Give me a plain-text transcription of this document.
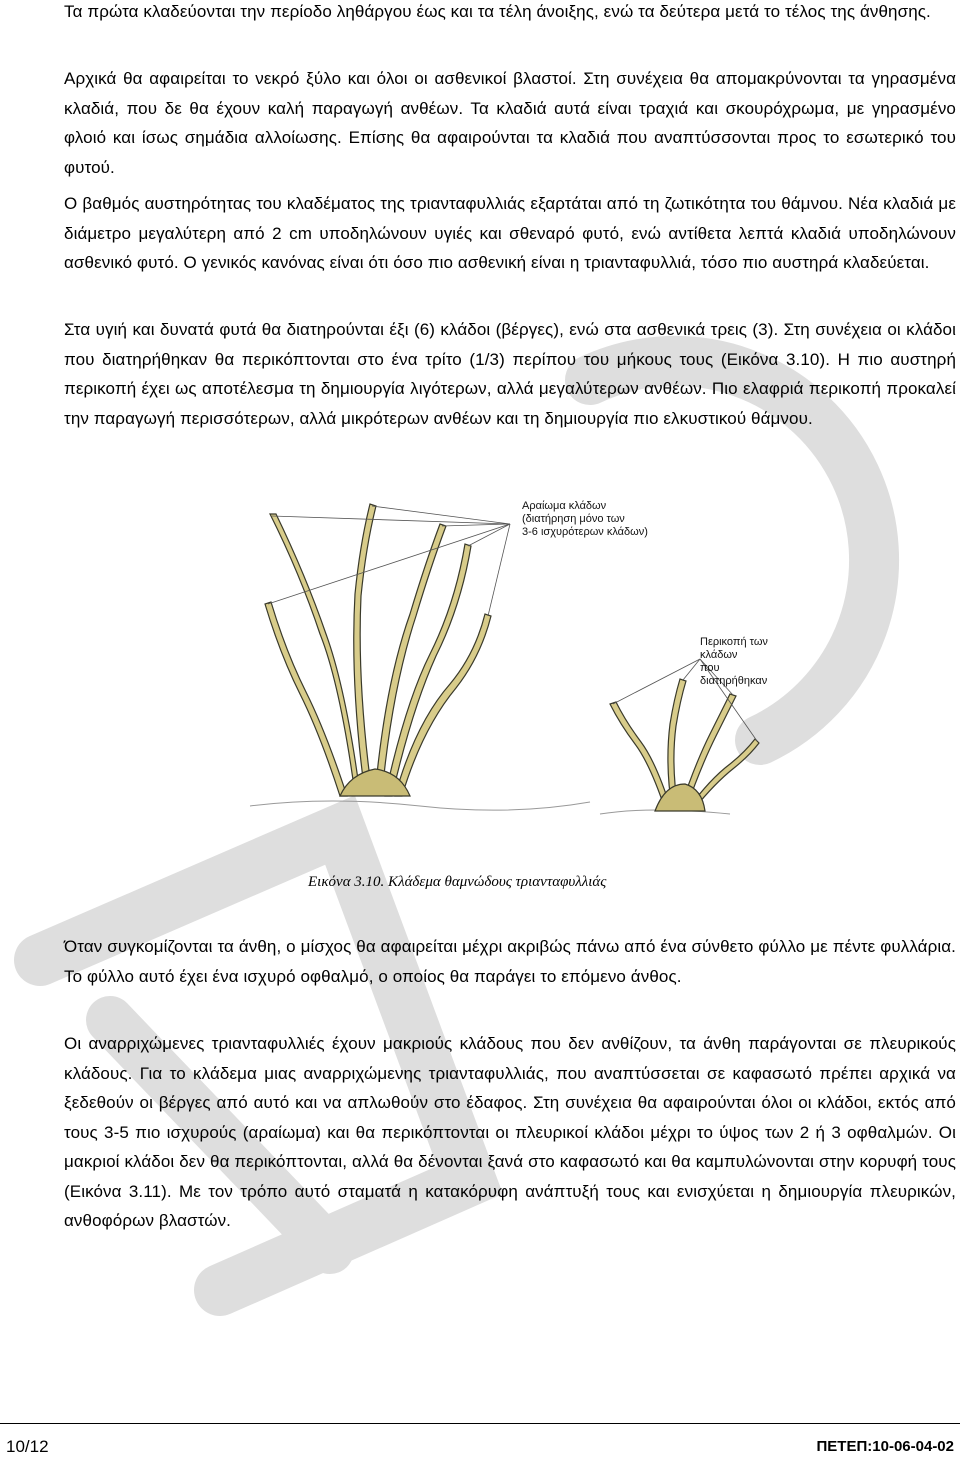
Τα πρώτα κλαδεύονται την περίοδο ληθάργου έως και τα τέλη άνοιξης, ενώ τα δεύτερα μετά το τέλος της άνθησης.

Αρχικά θα αφαιρείται το νεκρό ξύλο και όλοι οι ασθενικοί βλαστοί. Στη συνέχεια θα απομακρύνονται τα γηρασμένα κλαδιά, που δε θα έχουν καλή παραγωγή ανθέων. Τα κλαδιά αυτά είναι τραχιά και σκουρόχρωμα, με γηρασμένο φλοιό και ίσως σημάδια αλλοίωσης. Επίσης θα αφαιρούνται τα κλαδιά που αναπτύσσονται προς το εσωτερικό του φυτού.

Ο βαθμός αυστηρότητας του κλαδέματος της τριανταφυλλιάς εξαρτάται από τη ζωτικότητα του θάμνου. Νέα κλαδιά με διάμετρο μεγαλύτερη από 2 cm υποδηλώνουν υγιές και σθεναρό φυτό, ενώ αντίθετα λεπτά κλαδιά υποδηλώνουν ασθενικό φυτό. Ο γενικός κανόνας είναι ότι όσο πιο ασθενική είναι η τριανταφυλλιά, τόσο πιο αυστηρά κλαδεύεται.

Στα υγιή και δυνατά φυτά θα διατηρούνται έξι (6) κλάδοι (βέργες), ενώ στα ασθενικά τρεις (3). Στη συνέχεια οι κλάδοι που διατηρήθηκαν θα περικόπτονται στο ένα τρίτο (1/3) περίπου του μήκους τους (Εικόνα 3.10). Η πιο αυστηρή περικοπή έχει ως αποτέλεσμα τη δημιουργία λιγότερων, αλλά μεγαλύτερων ανθέων. Πιο ελαφριά περικοπή προκαλεί την παραγωγή περισσότερων, αλλά μικρότερων ανθέων και τη δημιουργία πιο ελκυστικού θάμνου.

Όταν συγκομίζονται τα άνθη, ο μίσχος θα αφαιρείται μέχρι ακριβώς πάνω από ένα σύνθετο φύλλο με πέντε φυλλάρια. Το φύλλο αυτό έχει ένα ισχυρό οφθαλμό, ο οποίος θα παράγει το επόμενο άνθος.

Οι αναρριχώμενες τριανταφυλλιές έχουν μακριούς κλάδους που δεν ανθίζουν, τα άνθη παράγονται σε πλευρικούς κλάδους. Για το κλάδεμα μιας αναρριχώμενης τριανταφυλλιάς, που αναπτύσσεται σε καφασωτό πρέπει αρχικά να ξεδεθούν οι βέργες από αυτό και να απλωθούν στο έδαφος. Στη συνέχεια θα αφαιρούνται όλοι οι κλάδοι, εκτός από τους 3-5 πιο ισχυρούς (αραίωμα) και θα περικόπτονται οι πλευρικοί κλάδοι μέχρι το ύψος των 2 ή 3 οφθαλμών. Οι μακριοί κλάδοι δεν θα περικόπτονται, αλλά θα δένονται ξανά στο καφασωτό και θα καμπυλώνονται στην κορυφή τους (Εικόνα 3.11). Με τον τρόπο αυτό σταματά η κατακόρυφη ανάπτυξή τους και ενισχύεται η δημιουργία πλευρικών, ανθοφόρων βλαστών.

Αραίωμα κλάδων
(διατήρηση μόνο των
3-6 ισχυρότερων κλάδων)
Περικοπή των κλάδων
που διατηρήθηκαν
Εικόνα 3.10. Κλάδεμα θαμνώδους τριανταφυλλιάς
10/12	ΠΕΤΕΠ:10-06-04-02
